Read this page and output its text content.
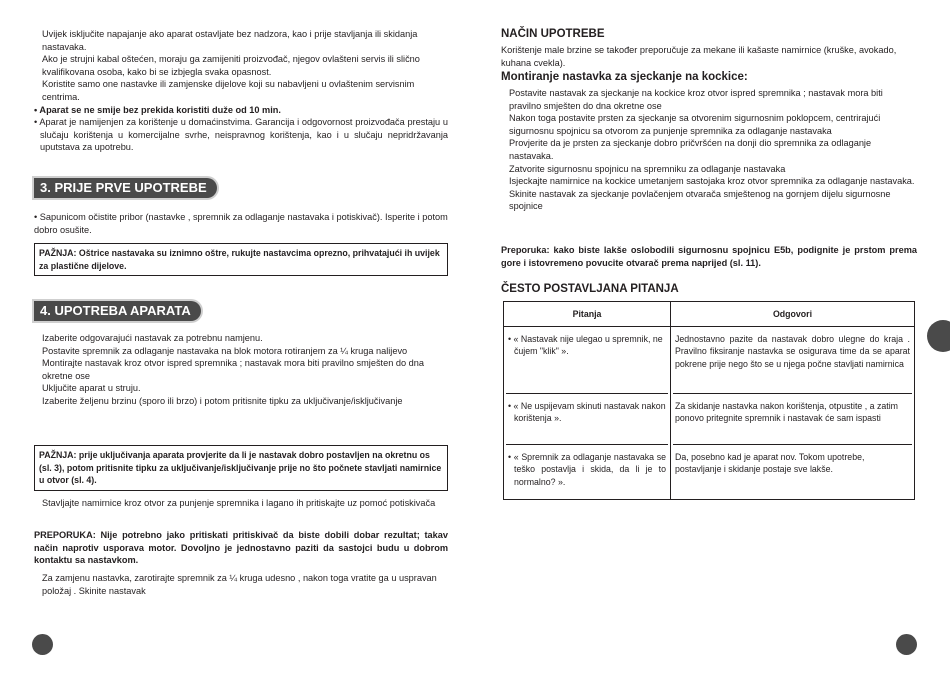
Uvijek isključite napajanje ako aparat ostavljate bez nadzora, kao i prije stavljanja ili skidanja nastavaka.

Ako je strujni kabal oštećen, moraju ga zamijeniti proizvođač, njegov ovlašteni servis ili slično kvalifikovana osoba, kako bi se izbjegla svaka opasnost.

Koristite samo one nastavke ili zamjenske dijelove koji su nabavljeni u ovlaštenim servisnim centrima.

• Aparat se ne smije bez prekida koristiti duže od 10 min.

• Aparat je namijenjen za korištenje u domaćinstvima. Garancija i odgovornost proizvođača prestaju u slučaju korištenja u komercijalne svrhe, neispravnog korištenja, kao i u slučaju nepridržavanja uputstava za upotrebu.

3. PRIJE PRVE UPOTREBE

• Sapunicom očistite pribor (nastavke , spremnik za odlaganje nastavaka i potiskivač). Isperite i potom dobro osušite.

PAŽNJA: Oštrice nastavaka su iznimno oštre, rukujte nastavcima oprezno, prihvatajući ih uvijek za plastične dijelove.
4. UPOTREBA APARATA

Izaberite odgovarajući nastavak za potrebnu namjenu.

Postavite spremnik za odlaganje nastavaka na blok motora rotiranjem za ¼ kruga nalijevo

Montirajte nastavak kroz otvor ispred spremnika ; nastavak mora biti pravilno smješten do dna okretne ose

Uključite aparat u struju.

Izaberite željenu brzinu (sporo ili brzo) i potom pritisnite tipku za uključivanje/isključivanje

PAŽNJA: prije uključivanja aparata provjerite da li je nastavak dobro postavljen na okretnu os (sl. 3), potom pritisnite tipku za uključivanje/isključivanje prije no što počnete stavljati namirnice u otvor (sl. 4).

Stavljajte namirnice kroz otvor za punjenje spremnika i lagano ih pritiskajte uz pomoć potiskivača

PREPORUKA: Nije potrebno jako pritiskati pritiskivač da biste dobili dobar rezultat; takav način naprotiv usporava motor. Dovoljno je jednostavno paziti da sastojci budu u dobrom kontaktu sa nastavkom.

Za zamjenu nastavka, zarotirajte spremnik za ¼ kruga udesno , nakon toga vratite ga u uspravan položaj . Skinite nastavak

NAČIN UPOTREBE

Korištenje male brzine se također preporučuje za mekane ili kašaste namirnice (kruške, avokado, kuhana cvekla).

Montiranje nastavka za sjeckanje na kockice:

Postavite nastavak za sjeckanje na kockice kroz otvor ispred spremnika ; nastavak mora biti pravilno smješten do dna okretne ose

Nakon toga postavite prsten za sjeckanje sa otvorenim sigurnosnim poklopcem, centrirajući sigurnosnu spojnicu sa otvorom za punjenje spremnika za odlaganje nastavaka

Provjerite da je prsten za sjeckanje dobro pričvršćen na donji dio spremnika za odlaganje nastavaka.

Zatvorite sigurnosnu spojnicu na spremniku za odlaganje nastavaka

Isjeckajte namirnice na kockice umetanjem sastojaka kroz otvor spremnika za odlaganje nastavaka.

Skinite nastavak za sjeckanje povlačenjem otvarača smještenog na gornjem dijelu sigurnosne spojnice

Preporuka: kako biste lakše oslobodili sigurnosnu spojnicu E5b, podignite je prstom prema gore i istovremeno povucite otvarač prema naprijed (sl. 11).

ČESTO POSTAVLJANA PITANJA

Pitanja	Odgovori

• « Nastavak nije ulegao u spremnik, ne čujem "klik" ».	Jednostavno pazite da nastavak dobro ulegne do kraja . Pravilno fiksiranje nastavka se osigurava time da se aparat pokrene prije nego što se u njega počne stavljati namirnica

• « Ne uspijevam skinuti nastavak nakon korištenja ».	Za skidanje nastavka nakon korištenja, otpustite , a zatim ponovo pritegnite spremnik i nastavak će sam ispasti

• « Spremnik za odlaganje nastavaka se teško postavlja i skida, da li je to normalno? ».	Da, posebno kad je aparat nov. Tokom upotrebe, postavljanje i skidanje postaje sve lakše.
